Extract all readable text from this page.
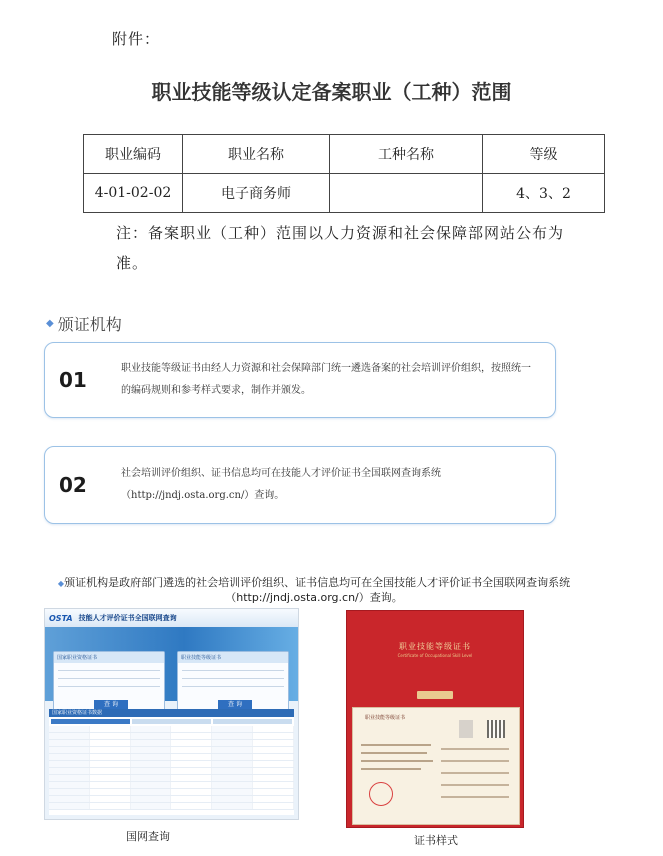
附件：
职业技能等级认定备案职业（工种）范围
职业编码	职业名称	工种名称	等级
4-01-02-02	电子商务师		4、3、2
注：备案职业（工种）范围以人力资源和社会保障部网站公布为准。
◆ 颁证机构
01	职业技能等级证书由经人力资源和社会保障部门统一遴选备案的社会培训评价组织，按照统一的编码规则和参考样式要求，制作并颁发。
02	社会培训评价组织、证书信息均可在技能人才评价证书全国联网查询系统（http://jndj.osta.org.cn/）查询。
◆颁证机构是政府部门遴选的社会培训评价组织、证书信息均可在全国技能人才评价证书全国联网查询系统（http://jndj.osta.org.cn/）查询。
OSTA 技能人才评价证书全国联网查询
国家职业资格证书
查 询
职业技能等级证书
查 询
国家职业资格证书数据
职业技能等级证书
Certificate of Occupational Skill Level
职业技能等级证书
国网查询	证书样式
